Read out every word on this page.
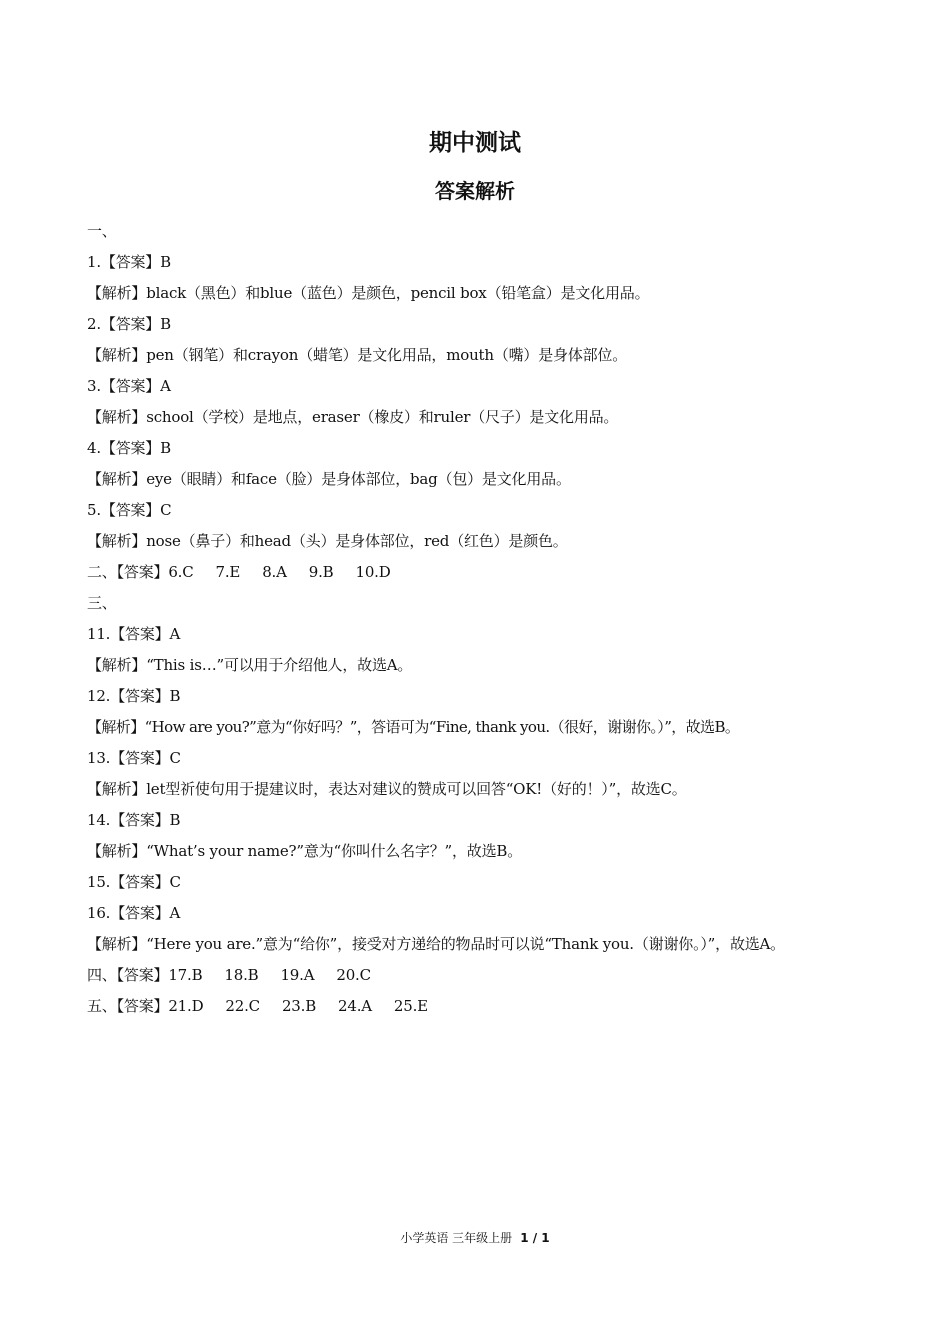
期中测试
答案解析
一、
1.【答案】B
【解析】black（黑色）和blue（蓝色）是颜色，pencil box（铅笔盒）是文化用品。
2.【答案】B
【解析】pen（钢笔）和crayon（蜡笔）是文化用品，mouth（嘴）是身体部位。
3.【答案】A
【解析】school（学校）是地点，eraser（橡皮）和ruler（尺子）是文化用品。
4.【答案】B
【解析】eye（眼睛）和face（脸）是身体部位，bag（包）是文化用品。
5.【答案】C
【解析】nose（鼻子）和head（头）是身体部位，red（红色）是颜色。
二、【答案】6.C 7.E 8.A 9.B 10.D
三、
11.【答案】A
【解析】“This is…”可以用于介绍他人，故选A。
12.【答案】B
【解析】“How are you?”意为“你好吗？”，答语可为“Fine, thank you.（很好，谢谢你。）”，故选B。
13.【答案】C
【解析】let型祈使句用于提建议时，表达对建议的赞成可以回答“OK!（好的！）”，故选C。
14.【答案】B
【解析】“What’s your name?”意为“你叫什么名字？”，故选B。
15.【答案】C
16.【答案】A
【解析】“Here you are.”意为“给你”，接受对方递给的物品时可以说“Thank you.（谢谢你。）”，故选A。
四、【答案】17.B 18.B 19.A 20.C
五、【答案】21.D 22.C 23.B 24.A 25.E
小学英语 三年级上册 1 / 1
